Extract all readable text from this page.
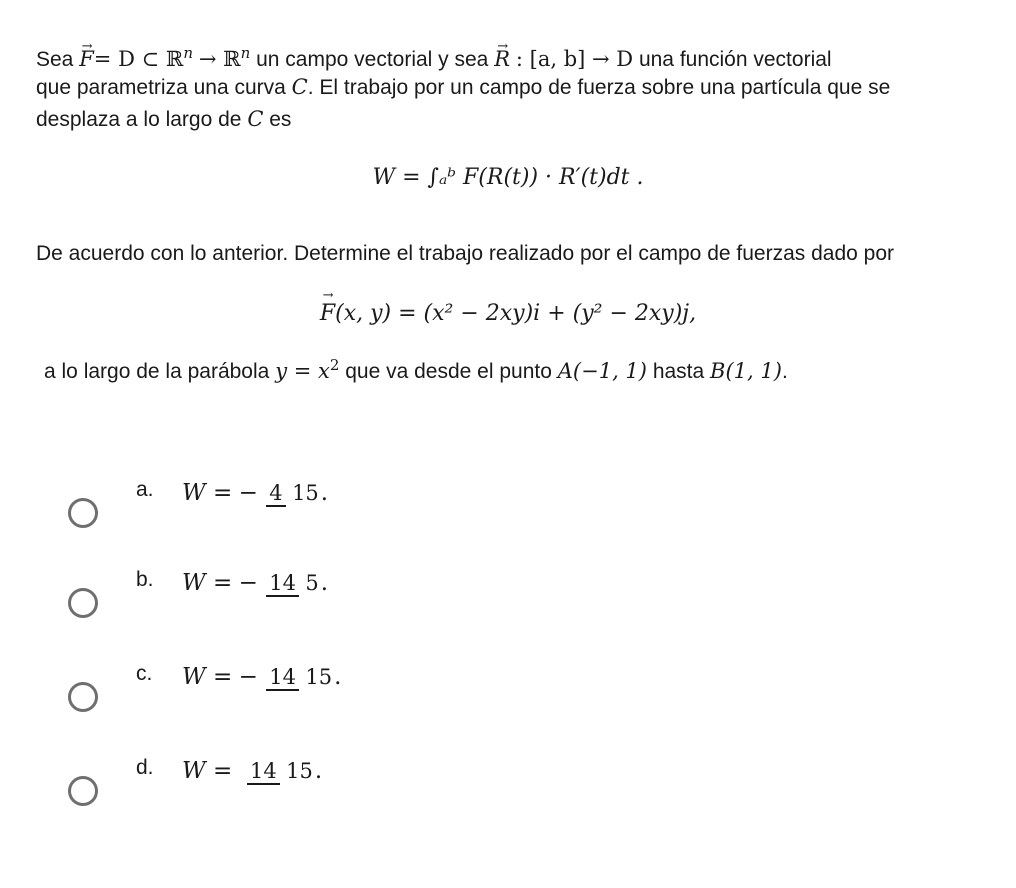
Sea → F= D ⊂ ℝ$^n$ → ℝ$^n$ un campo vectorial y sea → R : [a, b] → D una función vectorial
que parametriza una curva C. El trabajo por un campo de fuerza sobre una partícula que se
desplaza a lo largo de C es
W = ∫ₐᵇ F(R(t)) · R′(t)dt .
De acuerdo con lo anterior. Determine el trabajo realizado por el campo de fuerzas dado por
→ F(x, y) = (x² − 2xy)i + (y² − 2xy)j,
a lo largo de la parábola $y = x^2$ que va desde el punto A(−1, 1) hasta B(1, 1).
a. W = − 4 15.
b. W = − 14 5.
c. W = − 14 15.
d. W = 14 15.
